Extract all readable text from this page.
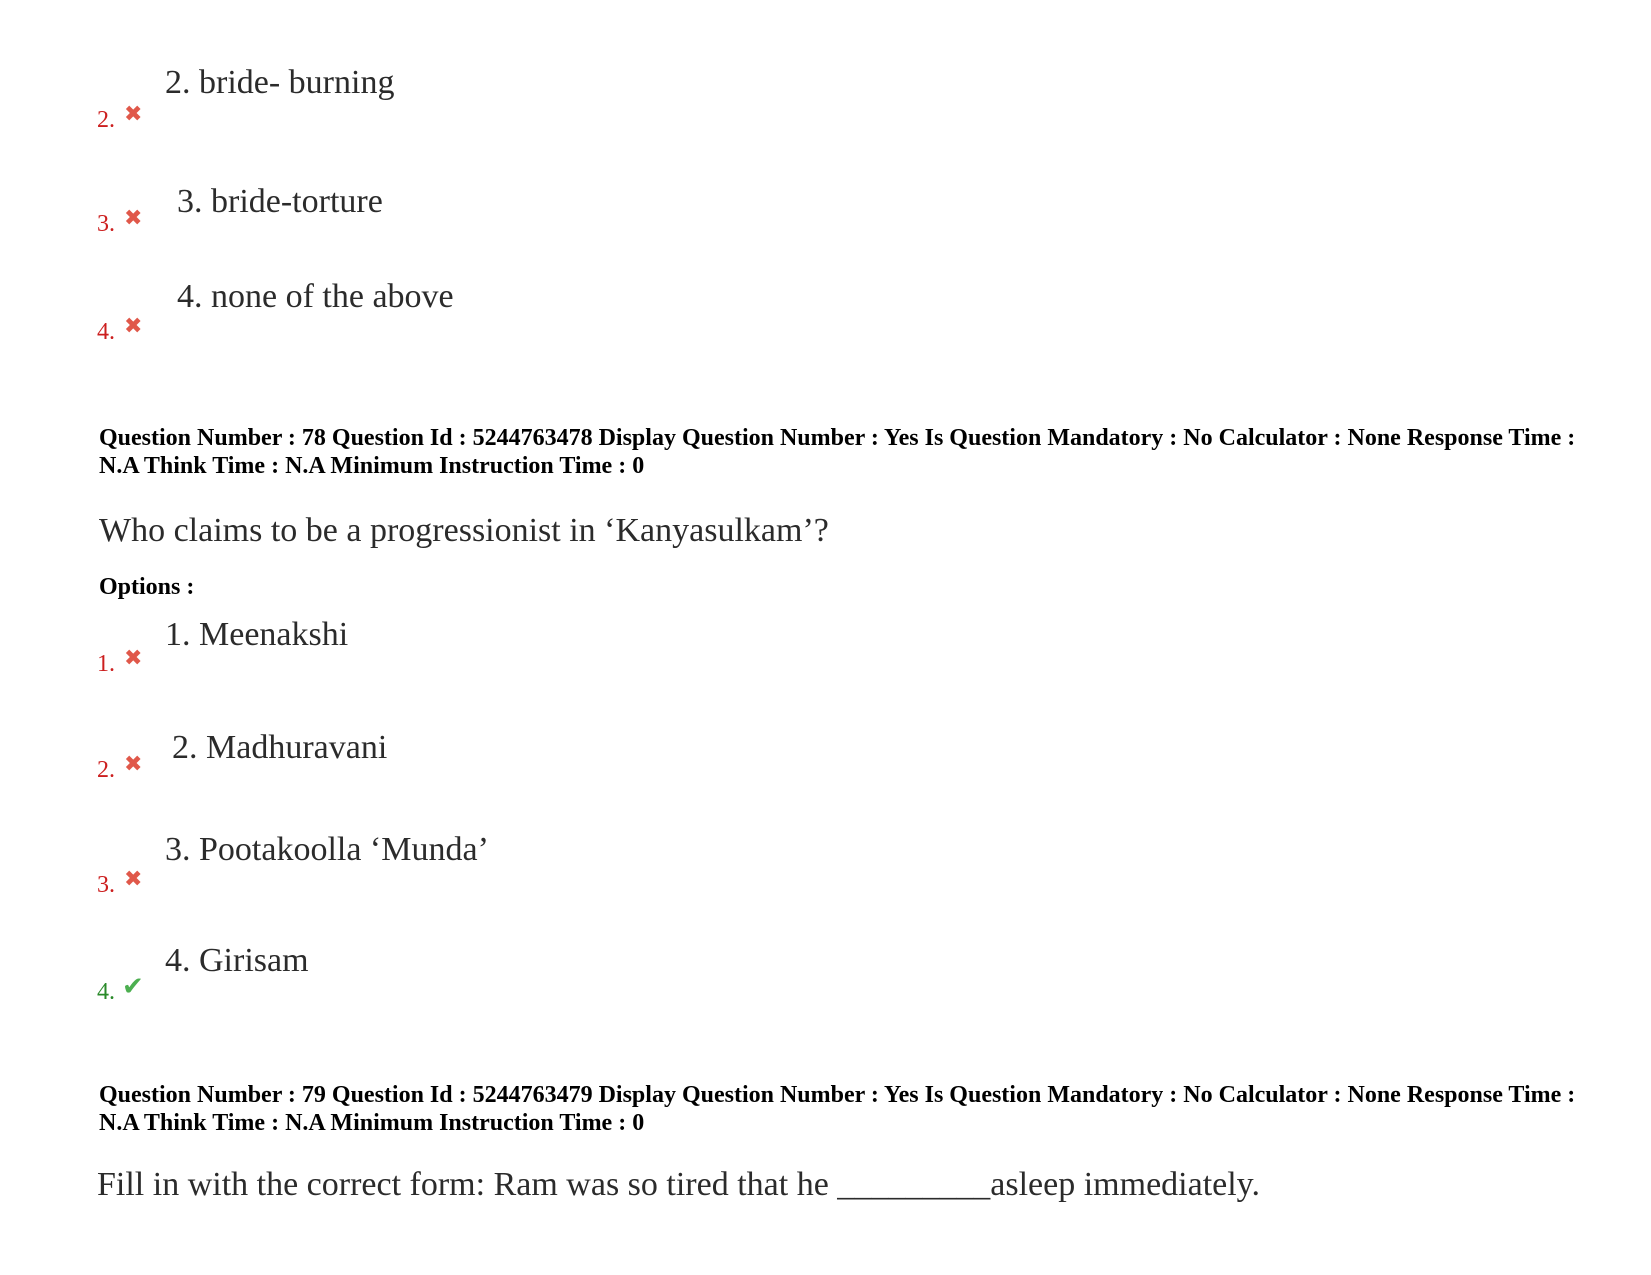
2. bride- burning
2. ✖
3. bride-torture
3. ✖
4. none of the above
4. ✖
Question Number : 78 Question Id : 5244763478 Display Question Number : Yes Is Question Mandatory : No Calculator : None Response Time : N.A Think Time : N.A Minimum Instruction Time : 0
Who claims to be a progressionist in ‘Kanyasulkam’?
Options :
1. Meenakshi
1. ✖
2. Madhuravani
2. ✖
3. Pootakoolla ‘Munda’
3. ✖
4. Girisam
4. ✔
Question Number : 79 Question Id : 5244763479 Display Question Number : Yes Is Question Mandatory : No Calculator : None Response Time : N.A Think Time : N.A Minimum Instruction Time : 0
Fill in with the correct form: Ram was so tired that he _________asleep immediately.
